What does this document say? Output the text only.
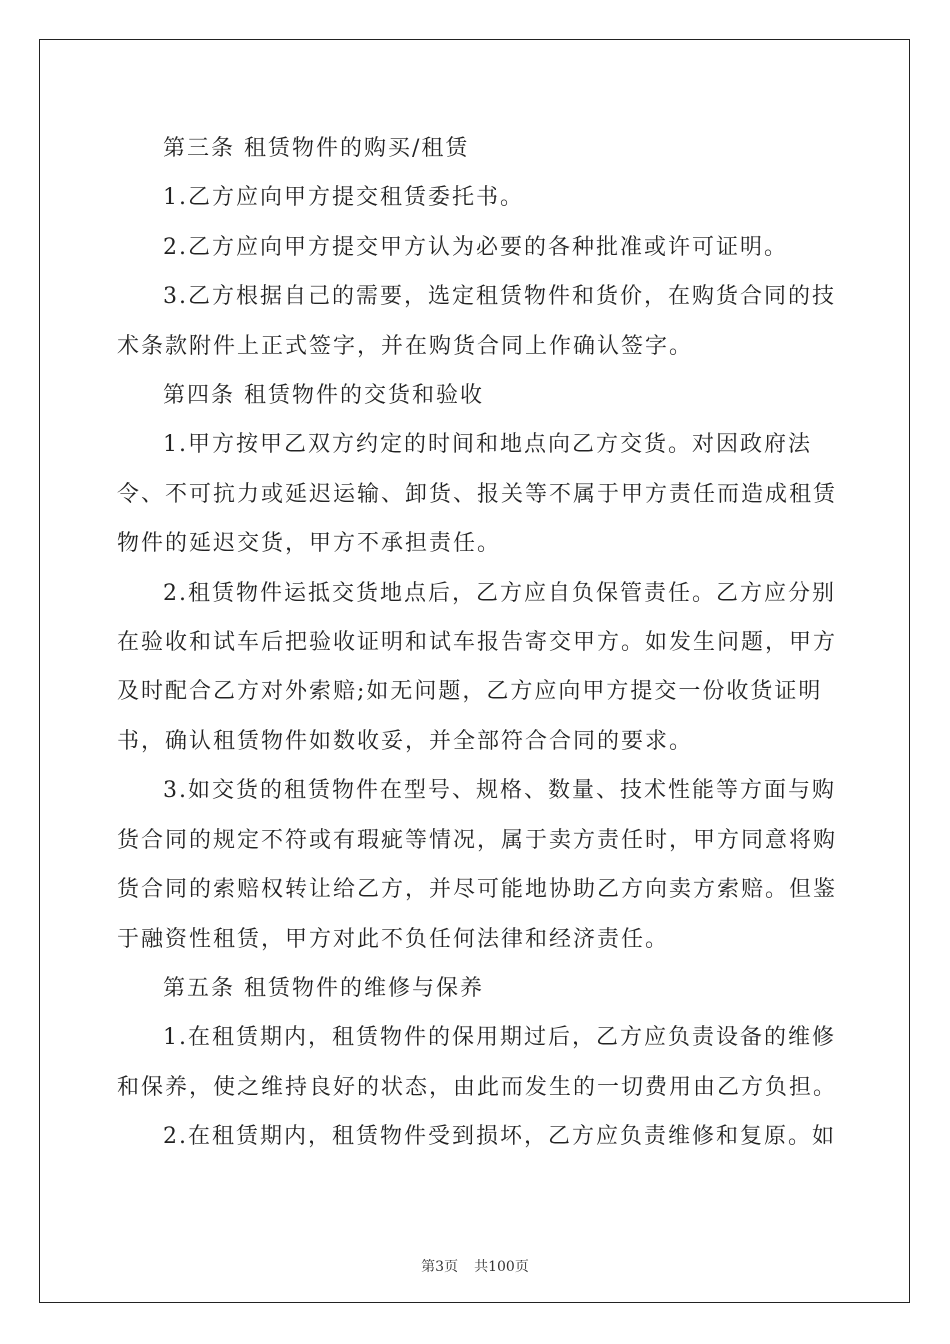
第三条 租赁物件的购买/租赁

1.乙方应向甲方提交租赁委托书。

2.乙方应向甲方提交甲方认为必要的各种批准或许可证明。

3.乙方根据自己的需要，选定租赁物件和货价，在购货合同的技术条款附件上正式签字，并在购货合同上作确认签字。

第四条 租赁物件的交货和验收

1.甲方按甲乙双方约定的时间和地点向乙方交货。对因政府法令、不可抗力或延迟运输、卸货、报关等不属于甲方责任而造成租赁物件的延迟交货，甲方不承担责任。

2.租赁物件运抵交货地点后，乙方应自负保管责任。乙方应分别在验收和试车后把验收证明和试车报告寄交甲方。如发生问题，甲方及时配合乙方对外索赔;如无问题，乙方应向甲方提交一份收货证明书，确认租赁物件如数收妥，并全部符合合同的要求。

3.如交货的租赁物件在型号、规格、数量、技术性能等方面与购货合同的规定不符或有瑕疵等情况，属于卖方责任时，甲方同意将购货合同的索赔权转让给乙方，并尽可能地协助乙方向卖方索赔。但鉴于融资性租赁，甲方对此不负任何法律和经济责任。

第五条 租赁物件的维修与保养

1.在租赁期内，租赁物件的保用期过后，乙方应负责设备的维修和保养，使之维持良好的状态，由此而发生的一切费用由乙方负担。

2.在租赁期内，租赁物件受到损坏，乙方应负责维修和复原。如

第3页 共100页
